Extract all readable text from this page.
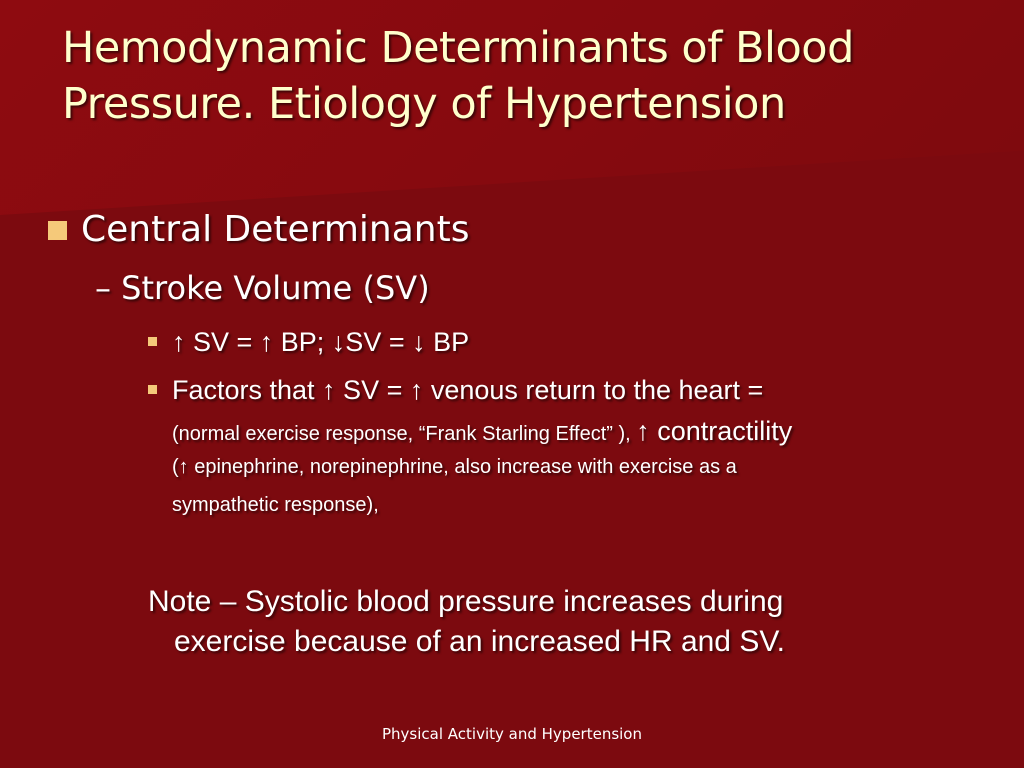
Hemodynamic Determinants of Blood
Pressure. Etiology of Hypertension
Central Determinants
– Stroke Volume (SV)
↑ SV = ↑ BP; ↓SV = ↓ BP
Factors that ↑ SV = ↑ venous return to the heart =
(normal exercise response, “Frank Starling Effect” ), ↑ contractility
(↑ epinephrine, norepinephrine, also increase with exercise as a
sympathetic response),
Note – Systolic blood pressure increases during
exercise because of an increased HR and SV.
Physical Activity and Hypertension
